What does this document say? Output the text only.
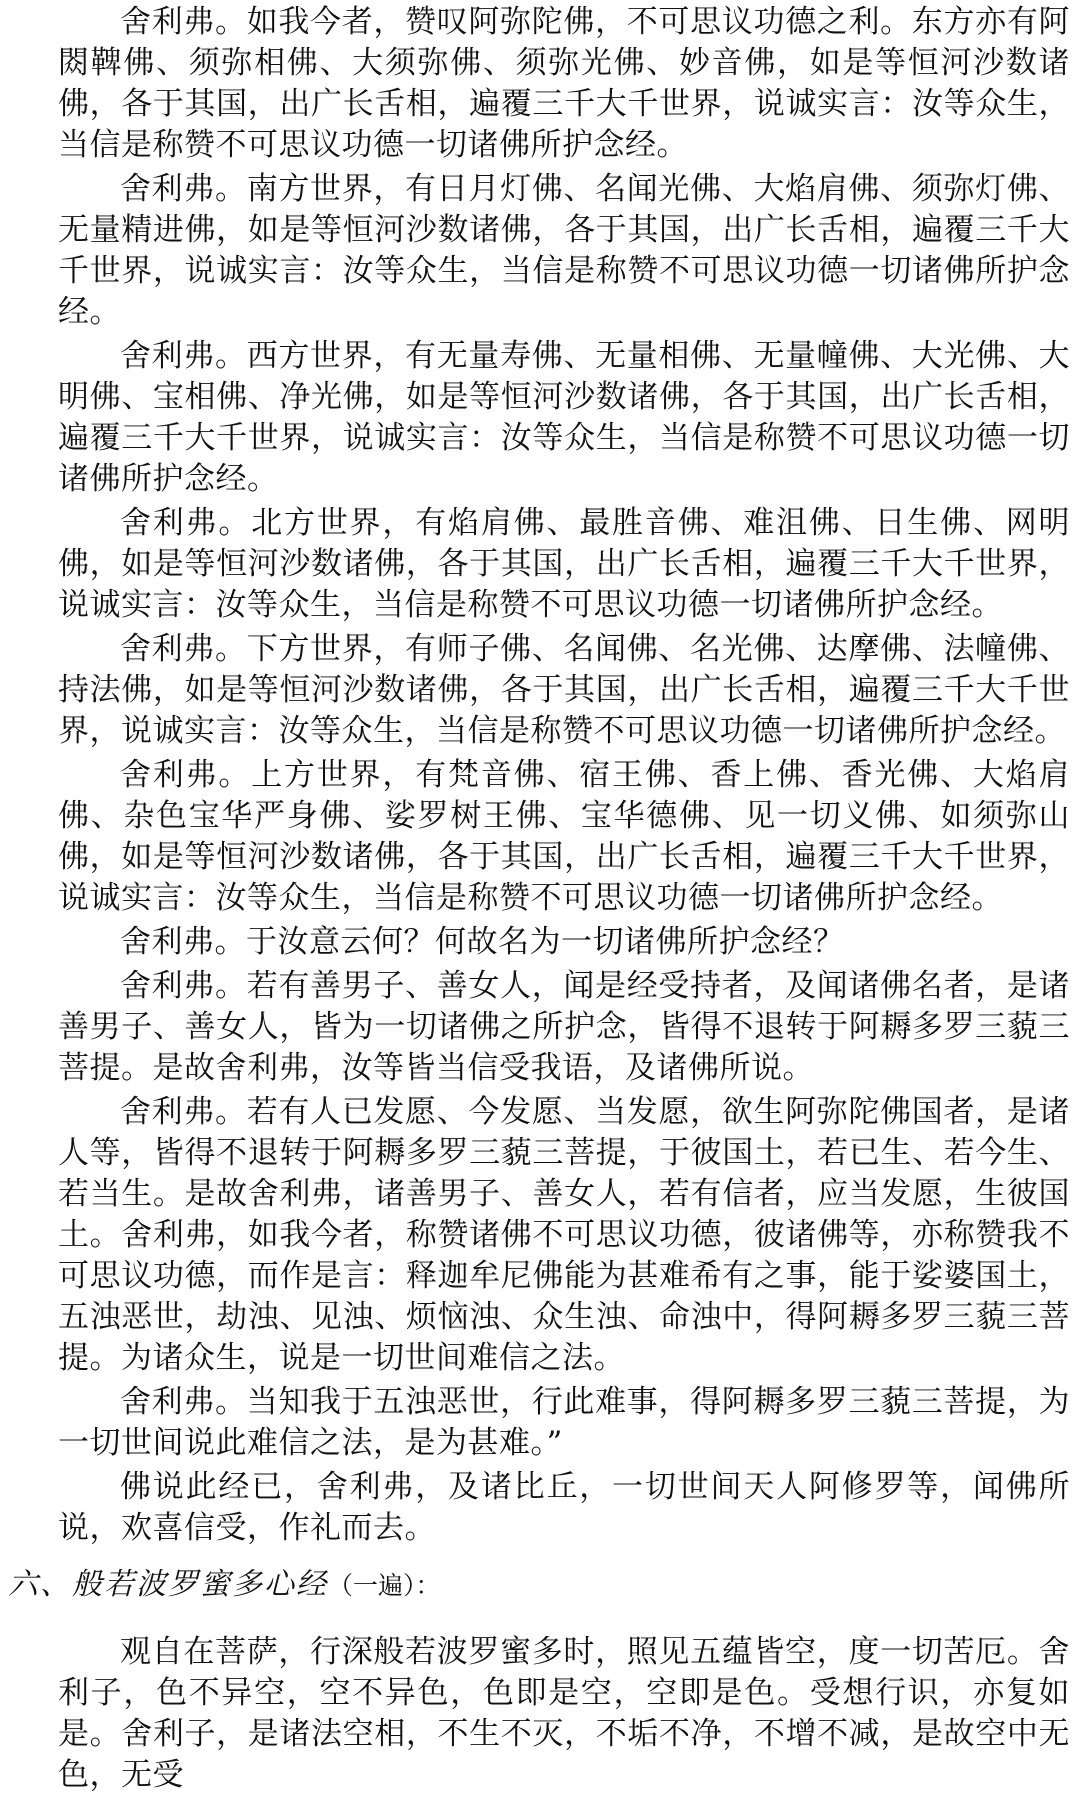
舍利弗。如我今者，赞叹阿弥陀佛，不可思议功德之利。东方亦有阿閦鞞佛、须弥相佛、大须弥佛、须弥光佛、妙音佛，如是等恒河沙数诸佛，各于其国，出广长舌相，遍覆三千大千世界，说诚实言：汝等众生，当信是称赞不可思议功德一切诸佛所护念经。

舍利弗。南方世界，有日月灯佛、名闻光佛、大焰肩佛、须弥灯佛、无量精进佛，如是等恒河沙数诸佛，各于其国，出广长舌相，遍覆三千大千世界，说诚实言：汝等众生，当信是称赞不可思议功德一切诸佛所护念经。

舍利弗。西方世界，有无量寿佛、无量相佛、无量幢佛、大光佛、大明佛、宝相佛、净光佛，如是等恒河沙数诸佛，各于其国，出广长舌相，遍覆三千大千世界，说诚实言：汝等众生，当信是称赞不可思议功德一切诸佛所护念经。

舍利弗。北方世界，有焰肩佛、最胜音佛、难沮佛、日生佛、网明佛，如是等恒河沙数诸佛，各于其国，出广长舌相，遍覆三千大千世界，说诚实言：汝等众生，当信是称赞不可思议功德一切诸佛所护念经。

舍利弗。下方世界，有师子佛、名闻佛、名光佛、达摩佛、法幢佛、持法佛，如是等恒河沙数诸佛，各于其国，出广长舌相，遍覆三千大千世界，说诚实言：汝等众生，当信是称赞不可思议功德一切诸佛所护念经。

舍利弗。上方世界，有梵音佛、宿王佛、香上佛、香光佛、大焰肩佛、杂色宝华严身佛、娑罗树王佛、宝华德佛、见一切义佛、如须弥山佛，如是等恒河沙数诸佛，各于其国，出广长舌相，遍覆三千大千世界，说诚实言：汝等众生，当信是称赞不可思议功德一切诸佛所护念经。

舍利弗。于汝意云何？何故名为一切诸佛所护念经？

舍利弗。若有善男子、善女人，闻是经受持者，及闻诸佛名者，是诸善男子、善女人，皆为一切诸佛之所护念，皆得不退转于阿耨多罗三藐三菩提。是故舍利弗，汝等皆当信受我语，及诸佛所说。

舍利弗。若有人已发愿、今发愿、当发愿，欲生阿弥陀佛国者，是诸人等，皆得不退转于阿耨多罗三藐三菩提，于彼国土，若已生、若今生、若当生。是故舍利弗，诸善男子、善女人，若有信者，应当发愿，生彼国土。舍利弗，如我今者，称赞诸佛不可思议功德，彼诸佛等，亦称赞我不可思议功德，而作是言：释迦牟尼佛能为甚难希有之事，能于娑婆国土，五浊恶世，劫浊、见浊、烦恼浊、众生浊、命浊中，得阿耨多罗三藐三菩提。为诸众生，说是一切世间难信之法。

舍利弗。当知我于五浊恶世，行此难事，得阿耨多罗三藐三菩提，为一切世间说此难信之法，是为甚难。”

佛说此经已，舍利弗，及诸比丘，一切世间天人阿修罗等，闻佛所说，欢喜信受，作礼而去。

六、般若波罗蜜多心经（一遍）：

观自在菩萨，行深般若波罗蜜多时，照见五蕴皆空，度一切苦厄。舍利子，色不异空，空不异色，色即是空，空即是色。受想行识，亦复如是。舍利子，是诸法空相，不生不灭，不垢不净，不增不减，是故空中无色，无受
